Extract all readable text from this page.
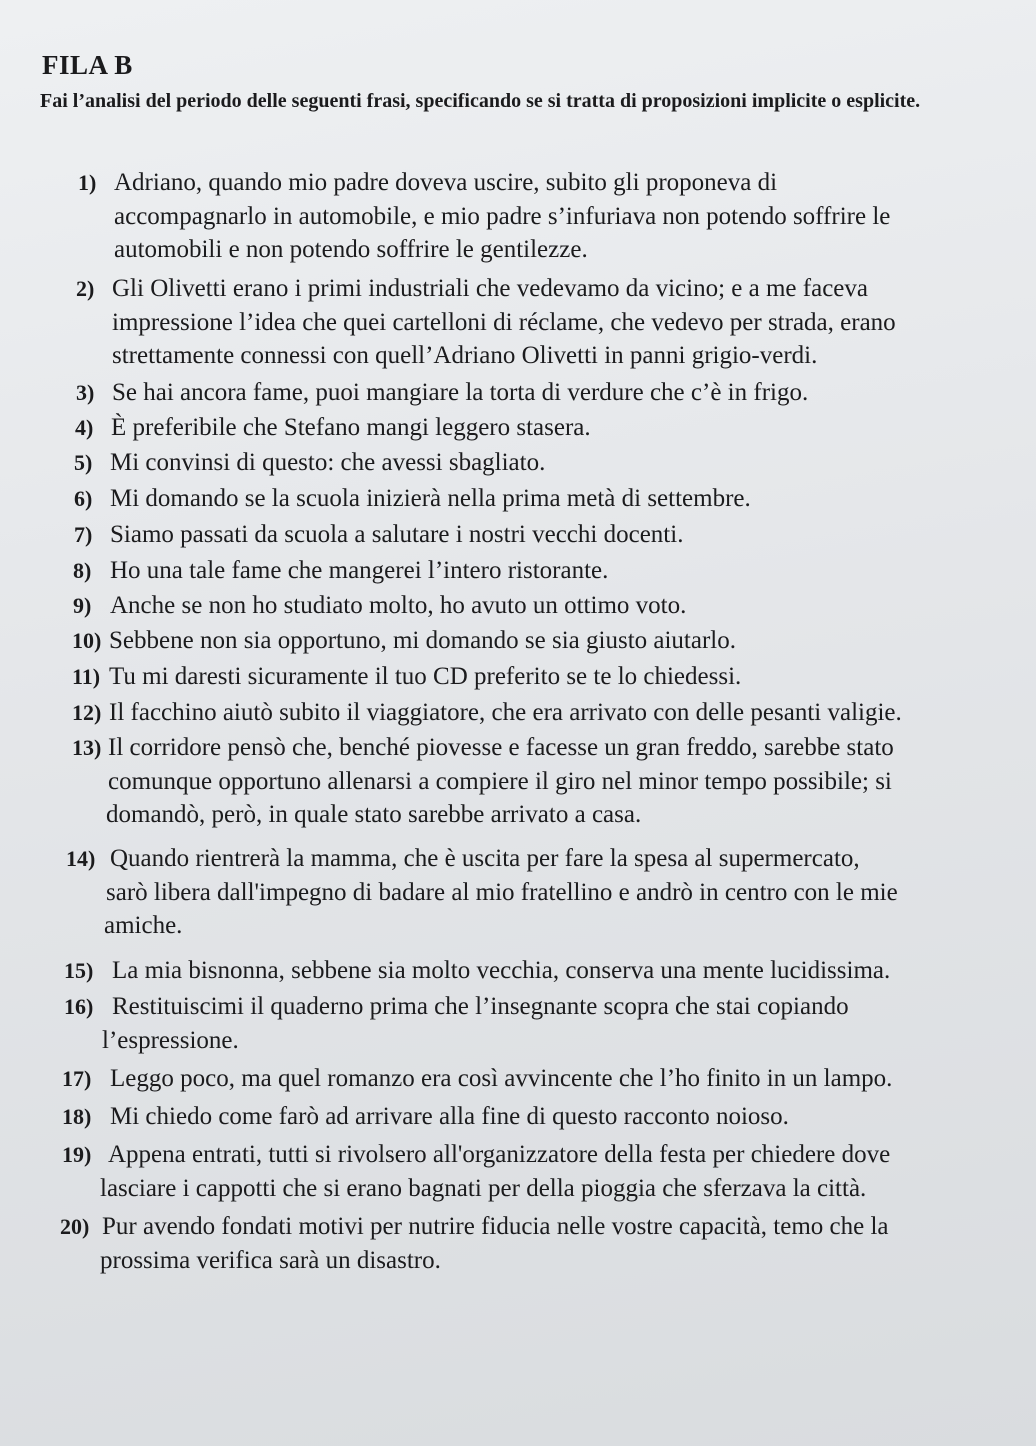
FILA B

Fai l’analisi del periodo delle seguenti frasi, specificando se si tratta di proposizioni implicite o esplicite.

1) Adriano, quando mio padre doveva uscire, subito gli proponeva di
accompagnarlo in automobile, e mio padre s’infuriava non potendo soffrire le
automobili e non potendo soffrire le gentilezze.
2) Gli Olivetti erano i primi industriali che vedevamo da vicino; e a me faceva
impressione l’idea che quei cartelloni di réclame, che vedevo per strada, erano
strettamente connessi con quell’Adriano Olivetti in panni grigio-verdi.
3) Se hai ancora fame, puoi mangiare la torta di verdure che c’è in frigo.
4) È preferibile che Stefano mangi leggero stasera.
5) Mi convinsi di questo: che avessi sbagliato.
6) Mi domando se la scuola inizierà nella prima metà di settembre.
7) Siamo passati da scuola a salutare i nostri vecchi docenti.
8) Ho una tale fame che mangerei l’intero ristorante.
9) Anche se non ho studiato molto, ho avuto un ottimo voto.
10) Sebbene non sia opportuno, mi domando se sia giusto aiutarlo.
11) Tu mi daresti sicuramente il tuo CD preferito se te lo chiedessi.
12) Il facchino aiutò subito il viaggiatore, che era arrivato con delle pesanti valigie.
13) Il corridore pensò che, benché piovesse e facesse un gran freddo, sarebbe stato
comunque opportuno allenarsi a compiere il giro nel minor tempo possibile; si
domandò, però, in quale stato sarebbe arrivato a casa.
14) Quando rientrerà la mamma, che è uscita per fare la spesa al supermercato,
sarò libera dall'impegno di badare al mio fratellino e andrò in centro con le mie
amiche.
15) La mia bisnonna, sebbene sia molto vecchia, conserva una mente lucidissima.
16) Restituiscimi il quaderno prima che l’insegnante scopra che stai copiando
l’espressione.
17) Leggo poco, ma quel romanzo era così avvincente che l’ho finito in un lampo.
18) Mi chiedo come farò ad arrivare alla fine di questo racconto noioso.
19) Appena entrati, tutti si rivolsero all'organizzatore della festa per chiedere dove
lasciare i cappotti che si erano bagnati per della pioggia che sferzava la città.
20) Pur avendo fondati motivi per nutrire fiducia nelle vostre capacità, temo che la
prossima verifica sarà un disastro.
